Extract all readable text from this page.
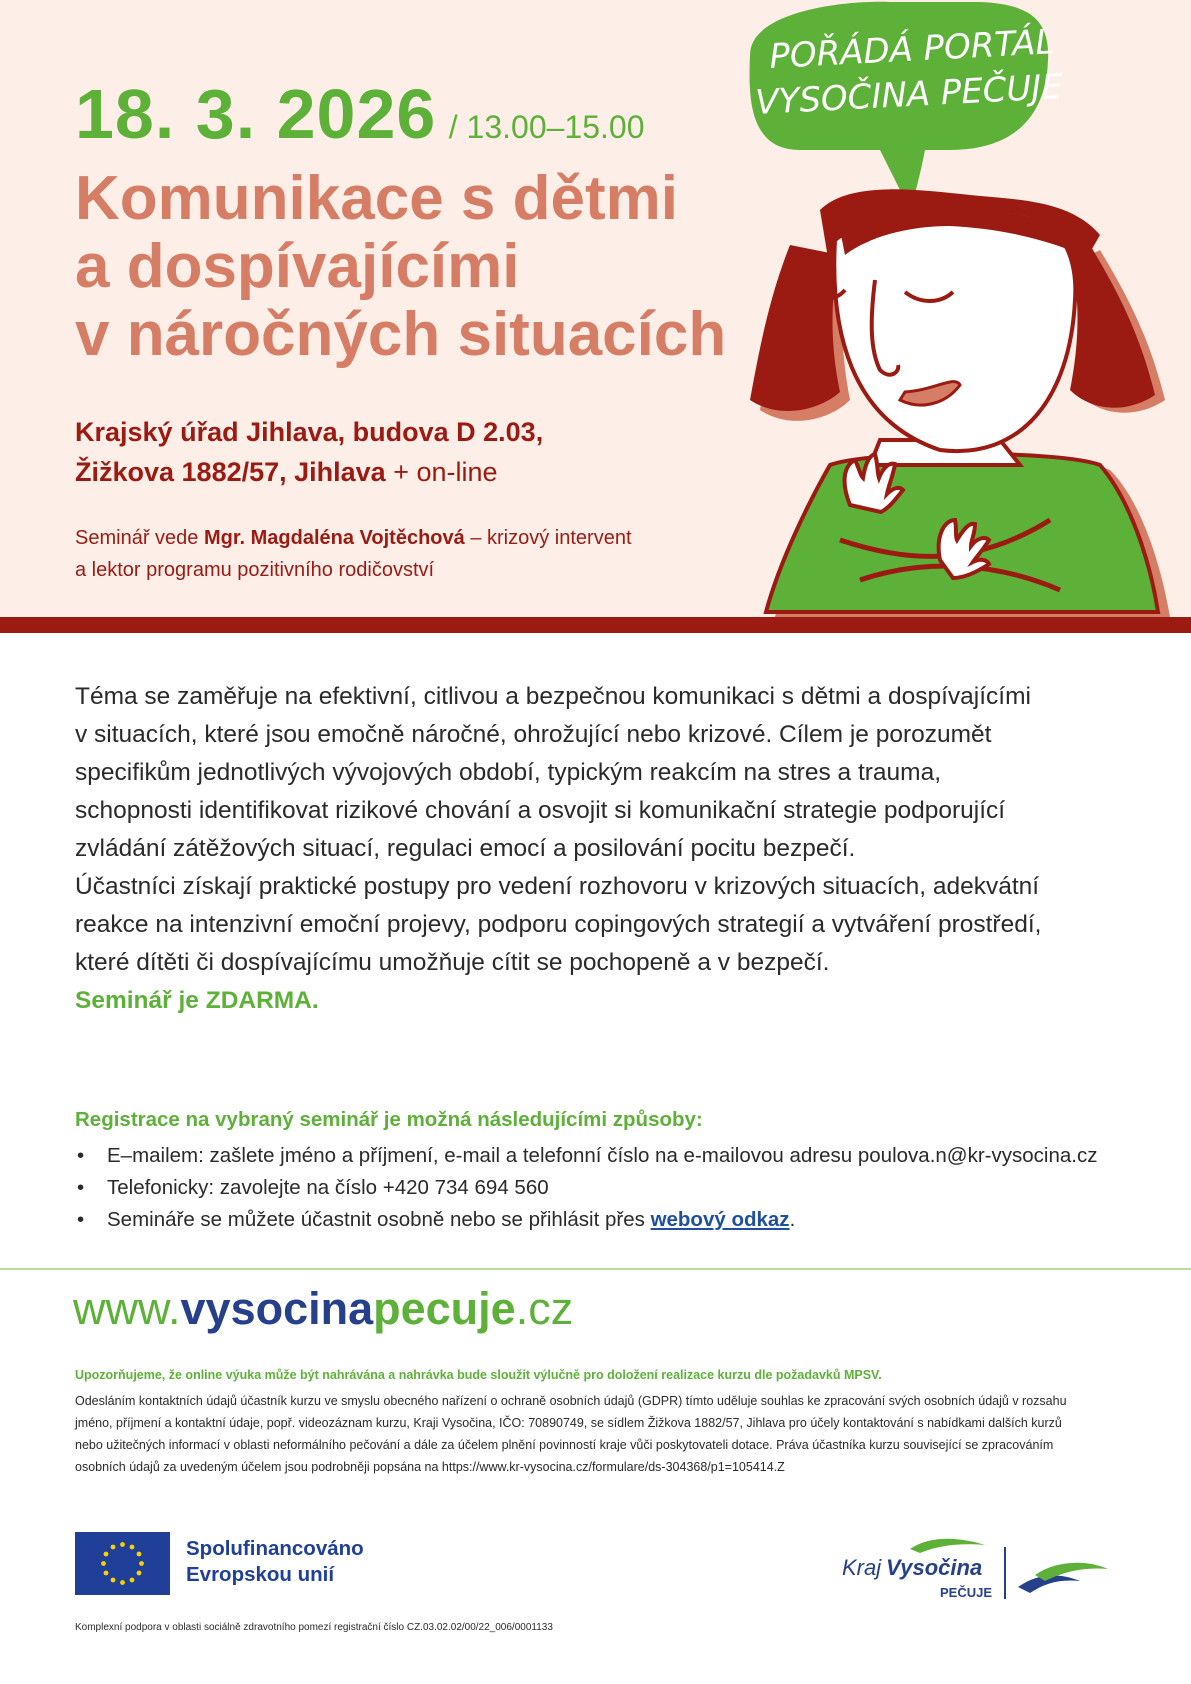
18. 3. 2026 / 13.00–15.00
Komunikace s dětmi
a dospívajícími
v náročných situacích
Krajský úřad Jihlava, budova D 2.03,
Žižkova 1882/57, Jihlava + on-line
Seminář vede Mgr. Magdaléna Vojtěchová – krizový intervent
a lektor programu pozitivního rodičovství
POŘÁDÁ PORTÁL
VYSOČINA PEČUJE
Téma se zaměřuje na efektivní, citlivou a bezpečnou komunikaci s dětmi a dospívajícími
v situacích, které jsou emočně náročné, ohrožující nebo krizové. Cílem je porozumět
specifikům jednotlivých vývojových období, typickým reakcím na stres a trauma,
schopnosti identifikovat rizikové chování a osvojit si komunikační strategie podporující
zvládání zátěžových situací, regulaci emocí a posilování pocitu bezpečí.
Účastníci získají praktické postupy pro vedení rozhovoru v krizových situacích, adekvátní
reakce na intenzivní emoční projevy, podporu copingových strategií a vytváření prostředí,
které dítěti či dospívajícímu umožňuje cítit se pochopeně a v bezpečí.
Seminář je ZDARMA.
Registrace na vybraný seminář je možná následujícími způsoby:
• E–mailem: zašlete jméno a příjmení, e-mail a telefonní číslo na e-mailovou adresu poulova.n@kr-vysocina.cz
• Telefonicky: zavolejte na číslo +420 734 694 560
• Semináře se můžete účastnit osobně nebo se přihlásit přes webový odkaz.
www.vysocinapecuje.cz
Upozorňujeme, že online výuka může být nahrávána a nahrávka bude sloužit výlučně pro doložení realizace kurzu dle požadavků MPSV.
Odesláním kontaktních údajů účastník kurzu ve smyslu obecného nařízení o ochraně osobních údajů (GDPR) tímto uděluje souhlas ke zpracování svých osobních údajů v rozsahu
jméno, příjmení a kontaktní údaje, popř. videozáznam kurzu, Kraji Vysočina, IČO: 70890749, se sídlem Žižkova 1882/57, Jihlava pro účely kontaktování s nabídkami dalších kurzů
nebo užitečných informací v oblasti neformálního pečování a dále za účelem plnění povinností kraje vůči poskytovateli dotace. Práva účastníka kurzu související se zpracováním
osobních údajů za uvedeným účelem jsou podrobněji popsána na https://www.kr-vysocina.cz/formulare/ds-304368/p1=105414.Z
Spolufinancováno
Evropskou unií	Kraj Vysočina
PEČUJE
Komplexní podpora v oblasti sociálně zdravotního pomezí registrační číslo CZ.03.02.02/00/22_006/0001133
